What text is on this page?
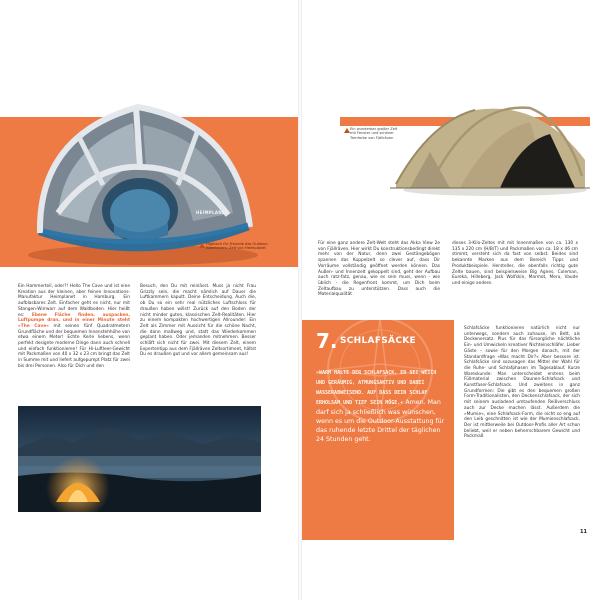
HEIMPLANET
Hightech für Freunde des Outdoor-Abenteuers: Zelt von Heimplanet
Ein Hammerteil, oder?! Hello The Cave und ist eine Kreation aus der kleinen, aber feinen Innovations-Manufaktur Heimplanet in Hamburg. Ein aufblasbares Zelt. Einfacher geht es nicht, nur mit Stangen-Wirrwarr auf dem Waldboden. Hier heißt es: Ebene Fläche finden, auspacken, Luftpumpe dran, und in einer Minute steht »The Cave« mit seinen fünf Quadratmetern Grundfläche und der bequemen Innenstehhöhe von etwa einem Meter! Echte Kerle liebens, wenn perfekt designte moderne Dinge dann auch schnell und einfach funktionieren! Für Hi-Luftleer-Gewicht mit Packmaßen von 40 x 32 x 23 cm bringt das Zelt in Summe mit und liefert aufgepumpt Platz für zwei bis drei Personen. Also für Dich und den
Besuch, den Du mit reinlässt. Muss ja nicht Frau Grizzly sein, die macht nämlich auf Dauer die Luftkammern kaputt. Deine Entscheidung. Auch die, ob Du so ein sehr real nützliches Luftschloss für draußen haben willst! Zurück auf den Boden der nicht minder guten, klassischen Zelt-Realitäten. Hier zu einem kompakten hochwertigen Allrounder: Ein Zelt als Zimmer mit Aussicht für die schöne Nacht, die dann maßweg und, statt das Wiederkommen geplant haben. Oder jemanden mitnehmen. Besser schläft sich nicht für zwei. Mit diesem Zelt, einem Expertentipp aus dem Fjällräven Zeltsortiment, hältst Du es draußen gut und vor allem gemeinsam aus!
Ein wunderbar großer Zelt mit Fenster und schöner Tarnfarbe von Fjällräven
Für eine ganz andere Zelt-Welt steht das Akka View 2e von Fjällräven. Hier wirkt Du konstruktionsbedingt direkt mehr von der Natur, denn zwei Gestängebögen spannen das Kuppelzelt so clever auf, dass Dir Vorräume vollständig geöffnet werden können. Das Außen- und Innenzelt gekoppelt sind, geht der Aufbau auch ratz-fatz, genau, wie es sein muss, wenn - wie üblich - die Regenfront kommt, um Dich beim Zeltaufbau zu unterstützen. Dass auch die Materialqualität
dieses 3-Kilo-Zeltes mit mit Innenmaßen von ca. 130 x 135 x 220 cm (H/B/T) und Packmaßen von ca. 18 x 46 cm stimmt, versteht sich da fast von selbst. Beides sind bekannte Marken aus dem Bereich Tipps und Produktbeispiele. Hersteller, die ebenfalls richtig gute Zelte bauen, sind beispielsweise Big Agnes, Coleman, Eureka, Hilleberg, Jack Wolfskin, Marmot, Meru, Vaude und einige andere.
7. SCHLAFSÄCKE
»WARM HALTE DER SCHLAFSACK, ER SEI WEICH UND GERÄUMIG, ATMUNGSAKTIV UND DABEI WASSERABWEISEND. AUF DASS DEIN SCHLAF ERHOLSAM UND TIEF SEIN MÖGE.« Amen. Man darf sich ja schließlich was wünschen, wenn es um die Outdoor-Ausstattung für das ruhende letzte Drittel der täglichen 24 Stunden geht.
Schlafsäcke funktionieren natürlich nicht nur unterwegs, sondern auch zuhause, im Bett, als Deckenersatz. Plus für das fürsorgliche nächtliche Ein- und Umwickeln kreativer Nichteinschläfer. Lieber Gäste – sowie für den Morgen danach, mit der Standardfrage »Was macht Dir?« Aber bessere ist. Schlafsäcke sind sozusagen das Mittel der Wahl für die Ruhe- und Schlafphasen im Tagesablauf. Kurze Wareskunde: Man unterscheidet erstens beim Füllmaterial zwischen Daunen-Schlafsack und Kunstfaser-Schlafsack. Und zweitens in ganz Grundformen: Die gibt es den bequemen großen Form-Traditionalisten, den Deckenschlafsack, der sich mit seinem ausladend umtaufenden Reißverschluss auch zur Decke machen lässt. Außerdem die »Mumie«, eine Schlafsack-Form, die nicht so eng auf den Leib geschnitten ist wie der Mumienschlafsack. Der ist mittlerweile bei Outdoor-Profis aller Art schon beliebt, weil er neben beherrschbarem Gewicht und Packmaß
11
